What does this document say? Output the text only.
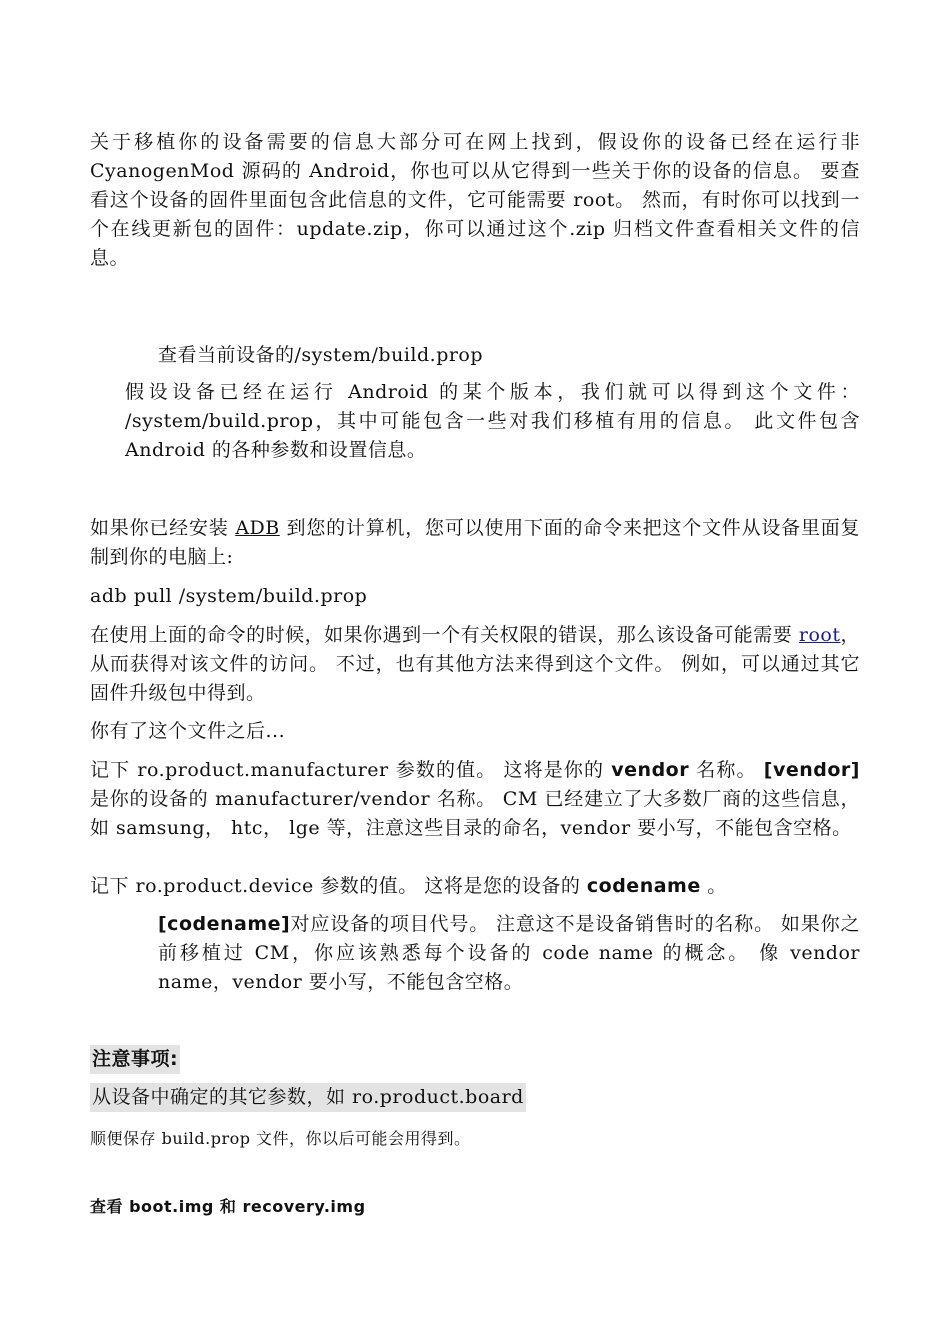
关于移植你的设备需要的信息大部分可在网上找到，假设你的设备已经在运行非 CyanogenMod 源码的 Android，你也可以从它得到一些关于你的设备的信息。 要查看这个设备的固件里面包含此信息的文件，它可能需要 root。 然而，有时你可以找到一个在线更新包的固件：update.zip，你可以通过这个.zip 归档文件查看相关文件的信息。

查看当前设备的/system/build.prop

假设设备已经在运行 Android 的某个版本，我们就可以得到这个文件： /system/build.prop，其中可能包含一些对我们移植有用的信息。 此文件包含 Android 的各种参数和设置信息。

如果你已经安装 ADB 到您的计算机，您可以使用下面的命令来把这个文件从设备里面复制到你的电脑上:

adb pull /system/build.prop

在使用上面的命令的时候，如果你遇到一个有关权限的错误，那么该设备可能需要 root，从而获得对该文件的访问。 不过，也有其他方法来得到这个文件。 例如，可以通过其它固件升级包中得到。

你有了这个文件之后...

记下 ro.product.manufacturer 参数的值。 这将是你的 vendor 名称。 [vendor]是你的设备的 manufacturer/vendor 名称。 CM 已经建立了大多数厂商的这些信息，如 samsung， htc， lge 等，注意这些目录的命名，vendor 要小写，不能包含空格。

记下 ro.product.device 参数的值。 这将是您的设备的 codename 。

[codename]对应设备的项目代号。 注意这不是设备销售时的名称。 如果你之前移植过 CM，你应该熟悉每个设备的 code name 的概念。 像 vendor name，vendor 要小写，不能包含空格。

注意事项:

从设备中确定的其它参数，如 ro.product.board

顺便保存 build.prop 文件，你以后可能会用得到。

查看 boot.img 和 recovery.img
